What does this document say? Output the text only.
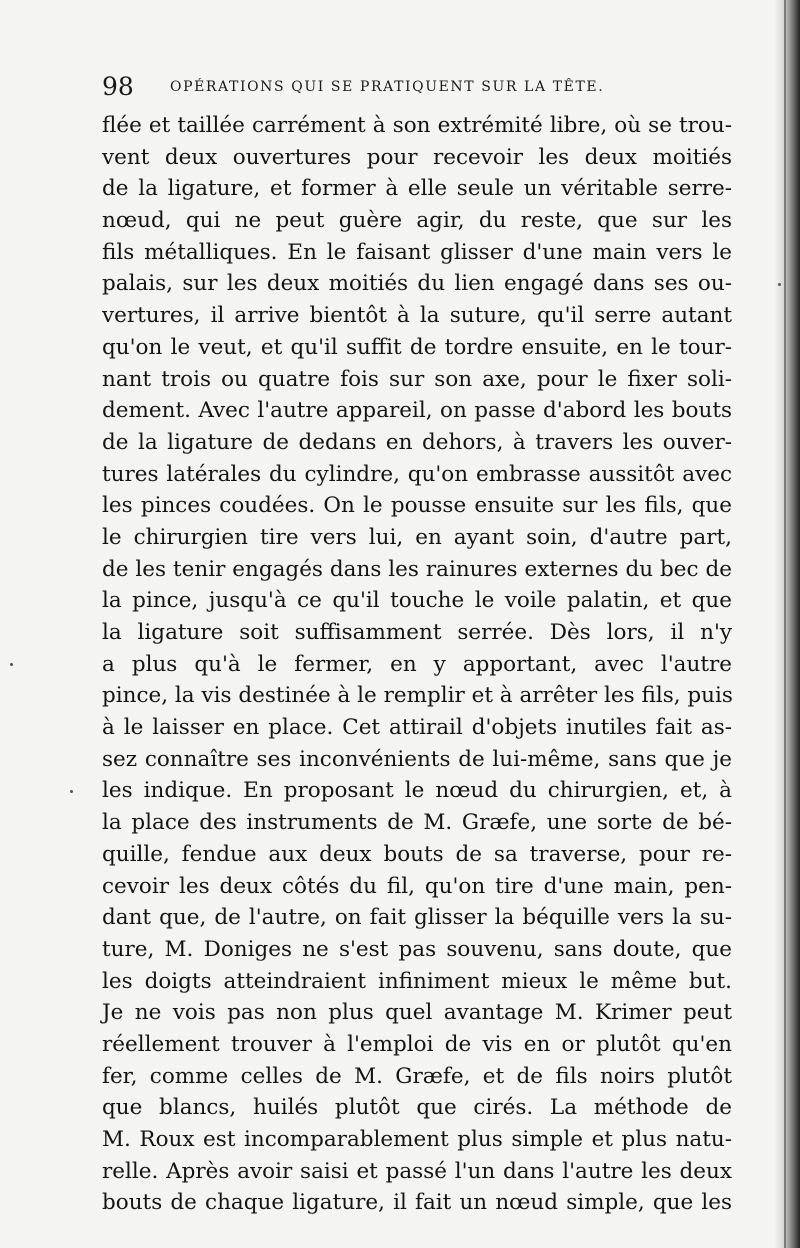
98	OPÉRATIONS QUI SE PRATIQUENT SUR LA TÊTE.
flée et taillée carrément à son extrémité libre, où se trou-
vent deux ouvertures pour recevoir les deux moitiés
de la ligature, et former à elle seule un véritable serre-
nœud, qui ne peut guère agir, du reste, que sur les
fils métalliques. En le faisant glisser d'une main vers le
palais, sur les deux moitiés du lien engagé dans ses ou-
vertures, il arrive bientôt à la suture, qu'il serre autant
qu'on le veut, et qu'il suffit de tordre ensuite, en le tour-
nant trois ou quatre fois sur son axe, pour le fixer soli-
dement. Avec l'autre appareil, on passe d'abord les bouts
de la ligature de dedans en dehors, à travers les ouver-
tures latérales du cylindre, qu'on embrasse aussitôt avec
les pinces coudées. On le pousse ensuite sur les fils, que
le chirurgien tire vers lui, en ayant soin, d'autre part,
de les tenir engagés dans les rainures externes du bec de
la pince, jusqu'à ce qu'il touche le voile palatin, et que
la ligature soit suffisamment serrée. Dès lors, il n'y
a plus qu'à le fermer, en y apportant, avec l'autre
pince, la vis destinée à le remplir et à arrêter les fils, puis
à le laisser en place. Cet attirail d'objets inutiles fait as-
sez connaître ses inconvénients de lui-même, sans que je
les indique. En proposant le nœud du chirurgien, et, à
la place des instruments de M. Græfe, une sorte de bé-
quille, fendue aux deux bouts de sa traverse, pour re-
cevoir les deux côtés du fil, qu'on tire d'une main, pen-
dant que, de l'autre, on fait glisser la béquille vers la su-
ture, M. Doniges ne s'est pas souvenu, sans doute, que
les doigts atteindraient infiniment mieux le même but.
Je ne vois pas non plus quel avantage M. Krimer peut
réellement trouver à l'emploi de vis en or plutôt qu'en
fer, comme celles de M. Græfe, et de fils noirs plutôt
que blancs, huilés plutôt que cirés. La méthode de
M. Roux est incomparablement plus simple et plus natu-
relle. Après avoir saisi et passé l'un dans l'autre les deux
bouts de chaque ligature, il fait un nœud simple, que les
